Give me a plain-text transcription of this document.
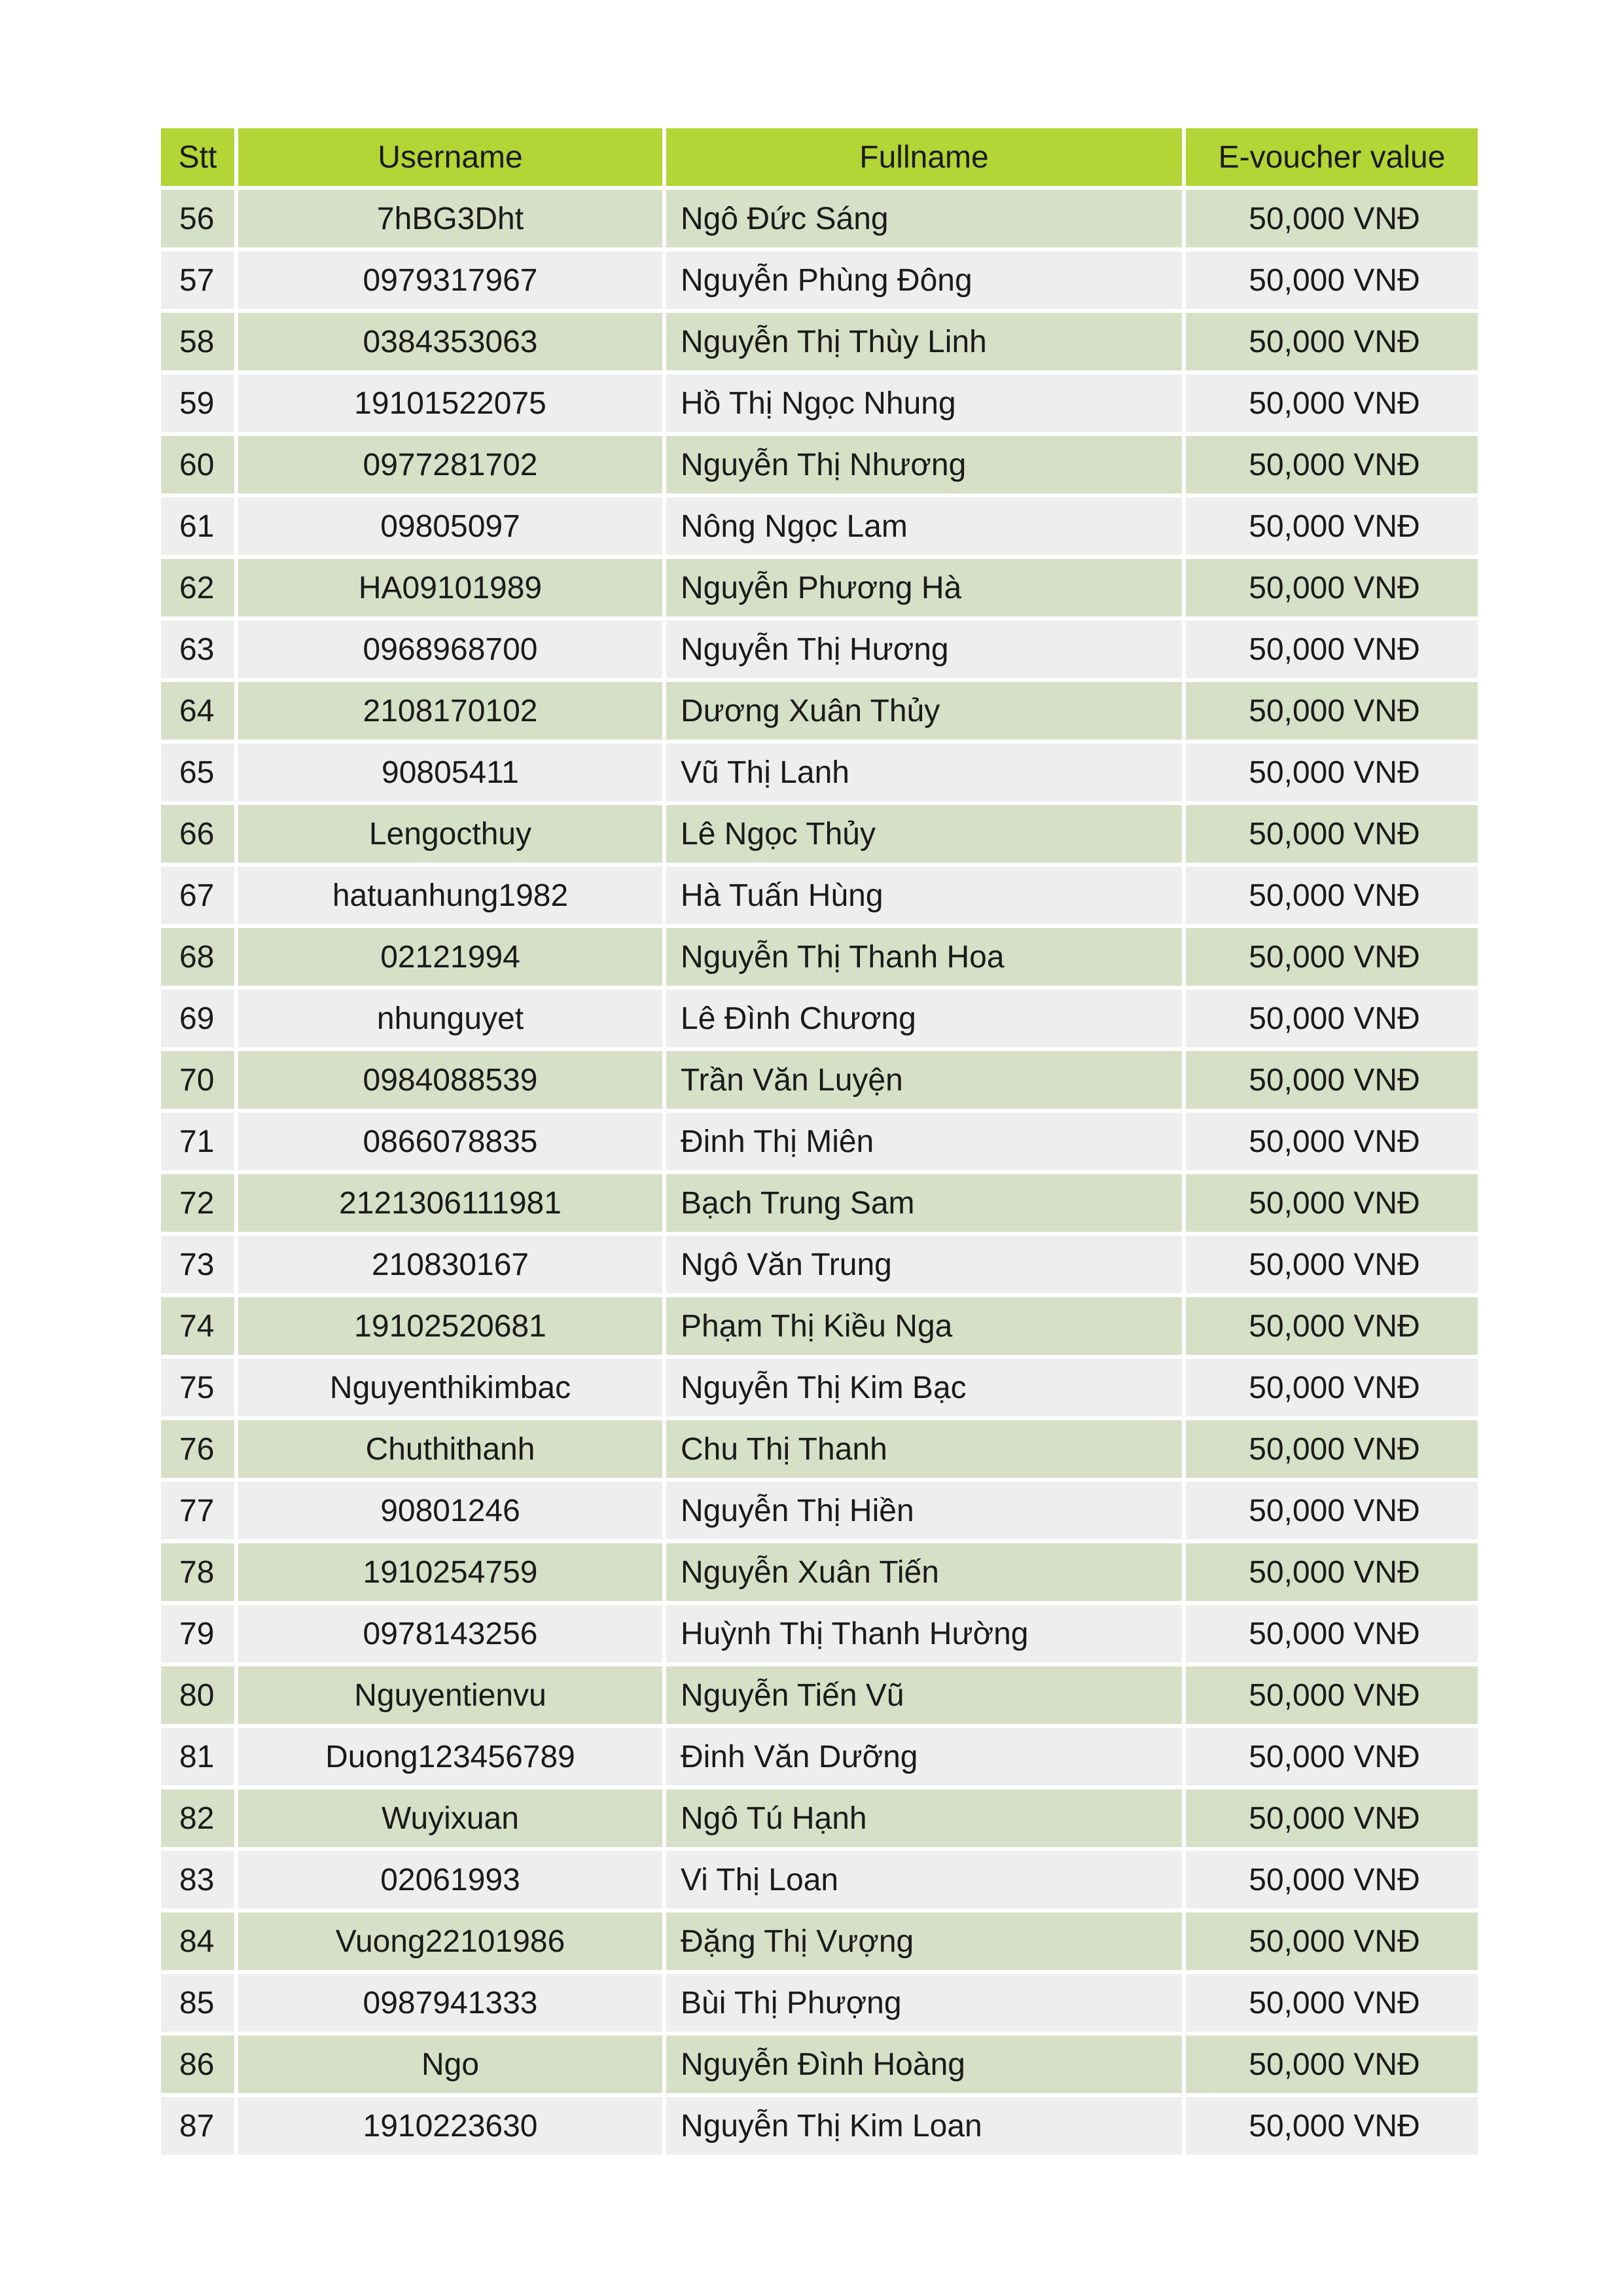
Stt	Username	Fullname	E-voucher value
56	7hBG3Dht	Ngô Đức Sáng	50,000 VNĐ
57	0979317967	Nguyễn Phùng Đông	50,000 VNĐ
58	0384353063	Nguyễn Thị Thùy Linh	50,000 VNĐ
59	19101522075	Hồ Thị Ngọc Nhung	50,000 VNĐ
60	0977281702	Nguyễn Thị Nhương	50,000 VNĐ
61	09805097	Nông Ngọc Lam	50,000 VNĐ
62	HA09101989	Nguyễn Phương Hà	50,000 VNĐ
63	0968968700	Nguyễn Thị Hương	50,000 VNĐ
64	2108170102	Dương Xuân Thủy	50,000 VNĐ
65	90805411	Vũ Thị Lanh	50,000 VNĐ
66	Lengocthuy	Lê Ngọc Thủy	50,000 VNĐ
67	hatuanhung1982	Hà Tuấn Hùng	50,000 VNĐ
68	02121994	Nguyễn Thị Thanh Hoa	50,000 VNĐ
69	nhunguyet	Lê Đình Chương	50,000 VNĐ
70	0984088539	Trần Văn Luyện	50,000 VNĐ
71	0866078835	Đinh Thị Miên	50,000 VNĐ
72	2121306111981	Bạch Trung Sam	50,000 VNĐ
73	210830167	Ngô Văn Trung	50,000 VNĐ
74	19102520681	Phạm Thị Kiều Nga	50,000 VNĐ
75	Nguyenthikimbac	Nguyễn Thị Kim Bạc	50,000 VNĐ
76	Chuthithanh	Chu Thị Thanh	50,000 VNĐ
77	90801246	Nguyễn Thị Hiền	50,000 VNĐ
78	1910254759	Nguyễn Xuân Tiến	50,000 VNĐ
79	0978143256	Huỳnh Thị Thanh Hường	50,000 VNĐ
80	Nguyentienvu	Nguyễn Tiến Vũ	50,000 VNĐ
81	Duong123456789	Đinh Văn Dưỡng	50,000 VNĐ
82	Wuyixuan	Ngô Tú Hạnh	50,000 VNĐ
83	02061993	Vi Thị Loan	50,000 VNĐ
84	Vuong22101986	Đặng Thị Vượng	50,000 VNĐ
85	0987941333	Bùi Thị Phượng	50,000 VNĐ
86	Ngo	Nguyễn Đình Hoàng	50,000 VNĐ
87	1910223630	Nguyễn Thị Kim Loan	50,000 VNĐ
